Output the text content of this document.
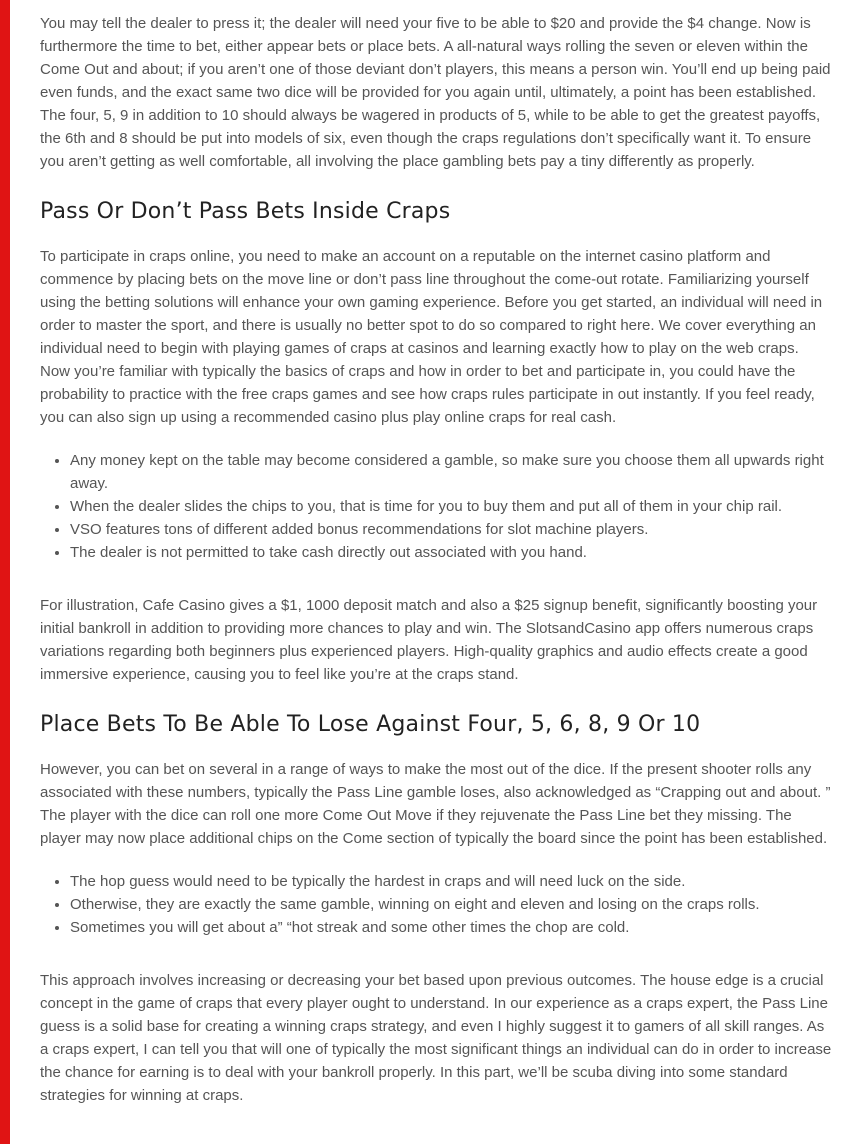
You may tell the dealer to press it; the dealer will need your five to be able to $20 and provide the $4 change. Now is furthermore the time to bet, either appear bets or place bets. A all-natural ways rolling the seven or eleven within the Come Out and about; if you aren’t one of those deviant don’t players, this means a person win. You’ll end up being paid even funds, and the exact same two dice will be provided for you again until, ultimately, a point has been established. The four, 5, 9 in addition to 10 should always be wagered in products of 5, while to be able to get the greatest payoffs, the 6th and 8 should be put into models of six, even though the craps regulations don’t specifically want it. To ensure you aren’t getting as well comfortable, all involving the place gambling bets pay a tiny differently as properly.

Pass Or Don’t Pass Bets Inside Craps

To participate in craps online, you need to make an account on a reputable on the internet casino platform and commence by placing bets on the move line or don’t pass line throughout the come-out rotate. Familiarizing yourself using the betting solutions will enhance your own gaming experience. Before you get started, an individual will need in order to master the sport, and there is usually no better spot to do so compared to right here. We cover everything an individual need to begin with playing games of craps at casinos and learning exactly how to play on the web craps. Now you’re familiar with typically the basics of craps and how in order to bet and participate in, you could have the probability to practice with the free craps games and see how craps rules participate in out instantly. If you feel ready, you can also sign up using a recommended casino plus play online craps for real cash.

• Any money kept on the table may become considered a gamble, so make sure you choose them all upwards right away.
• When the dealer slides the chips to you, that is time for you to buy them and put all of them in your chip rail.
• VSO features tons of different added bonus recommendations for slot machine players.
• The dealer is not permitted to take cash directly out associated with you hand.

For illustration, Cafe Casino gives a $1, 1000 deposit match and also a $25 signup benefit, significantly boosting your initial bankroll in addition to providing more chances to play and win. The SlotsandCasino app offers numerous craps variations regarding both beginners plus experienced players. High-quality graphics and audio effects create a good immersive experience, causing you to feel like you’re at the craps stand.

Place Bets To Be Able To Lose Against Four, 5, 6, 8, 9 Or 10

However, you can bet on several in a range of ways to make the most out of the dice. If the present shooter rolls any associated with these numbers, typically the Pass Line gamble loses, also acknowledged as “Crapping out and about. ” The player with the dice can roll one more Come Out Move if they rejuvenate the Pass Line bet they missing. The player may now place additional chips on the Come section of typically the board since the point has been established.

• The hop guess would need to be typically the hardest in craps and will need luck on the side.
• Otherwise, they are exactly the same gamble, winning on eight and eleven and losing on the craps rolls.
• Sometimes you will get about a” “hot streak and some other times the chop are cold.

This approach involves increasing or decreasing your bet based upon previous outcomes. The house edge is a crucial concept in the game of craps that every player ought to understand. In our experience as a craps expert, the Pass Line guess is a solid base for creating a winning craps strategy, and even I highly suggest it to gamers of all skill ranges. As a craps expert, I can tell you that will one of typically the most significant things an individual can do in order to increase the chance for earning is to deal with your bankroll properly. In this part, we’ll be scuba diving into some standard strategies for winning at craps.
